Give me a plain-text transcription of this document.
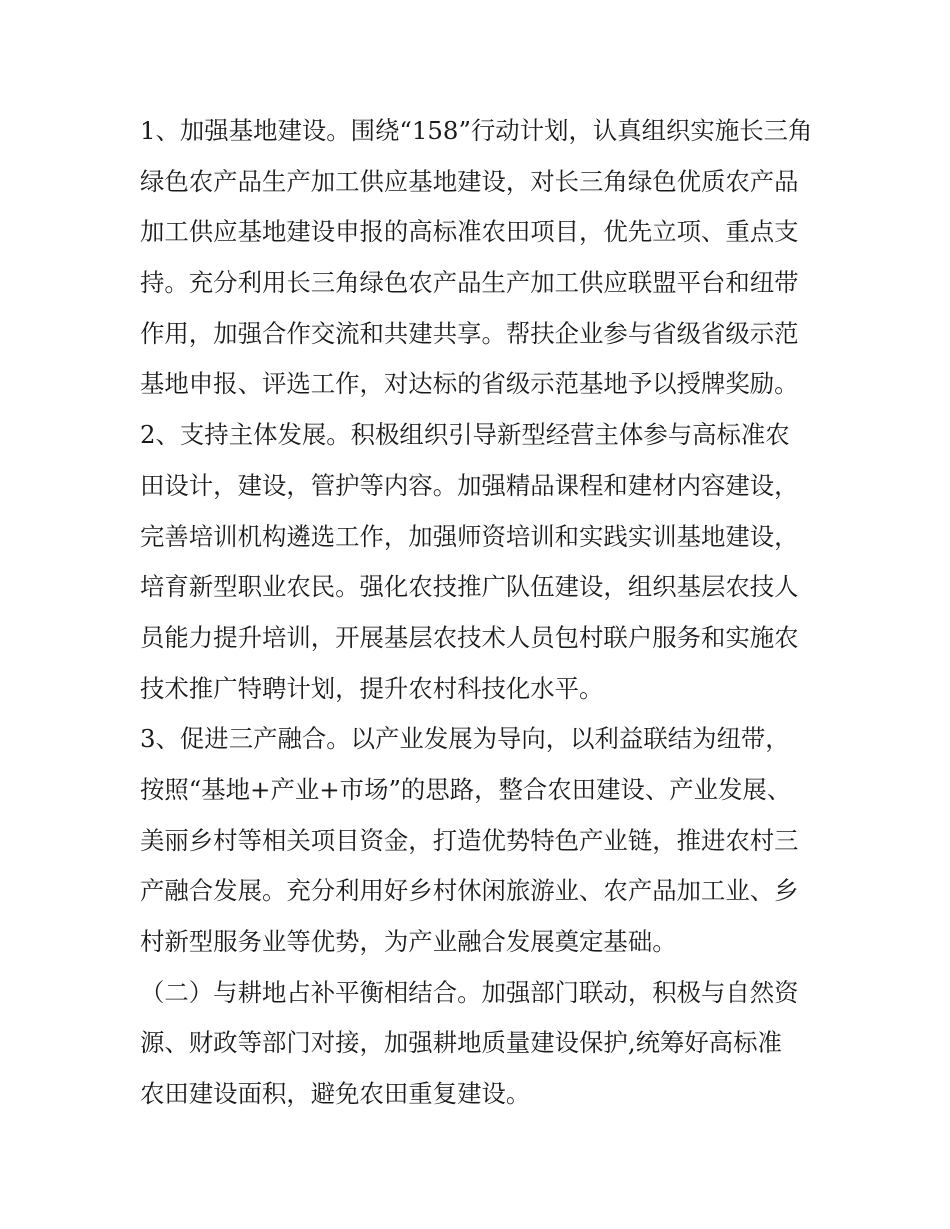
1、加强基地建设。围绕“158”行动计划，认真组织实施长三角
绿色农产品生产加工供应基地建设，对长三角绿色优质农产品
加工供应基地建设申报的高标准农田项目，优先立项、重点支
持。充分利用长三角绿色农产品生产加工供应联盟平台和纽带
作用，加强合作交流和共建共享。帮扶企业参与省级省级示范
基地申报、评选工作，对达标的省级示范基地予以授牌奖励。
2、支持主体发展。积极组织引导新型经营主体参与高标准农
田设计，建设，管护等内容。加强精品课程和建材内容建设，
完善培训机构遴选工作，加强师资培训和实践实训基地建设，
培育新型职业农民。强化农技推广队伍建设，组织基层农技人
员能力提升培训，开展基层农技术人员包村联户服务和实施农
技术推广特聘计划，提升农村科技化水平。
3、促进三产融合。以产业发展为导向，以利益联结为纽带，
按照“基地+产业+市场”的思路，整合农田建设、产业发展、
美丽乡村等相关项目资金，打造优势特色产业链，推进农村三
产融合发展。充分利用好乡村休闲旅游业、农产品加工业、乡
村新型服务业等优势，为产业融合发展奠定基础。
（二）与耕地占补平衡相结合。加强部门联动，积极与自然资
源、财政等部门对接，加强耕地质量建设保护,统筹好高标准
农田建设面积，避免农田重复建设。
